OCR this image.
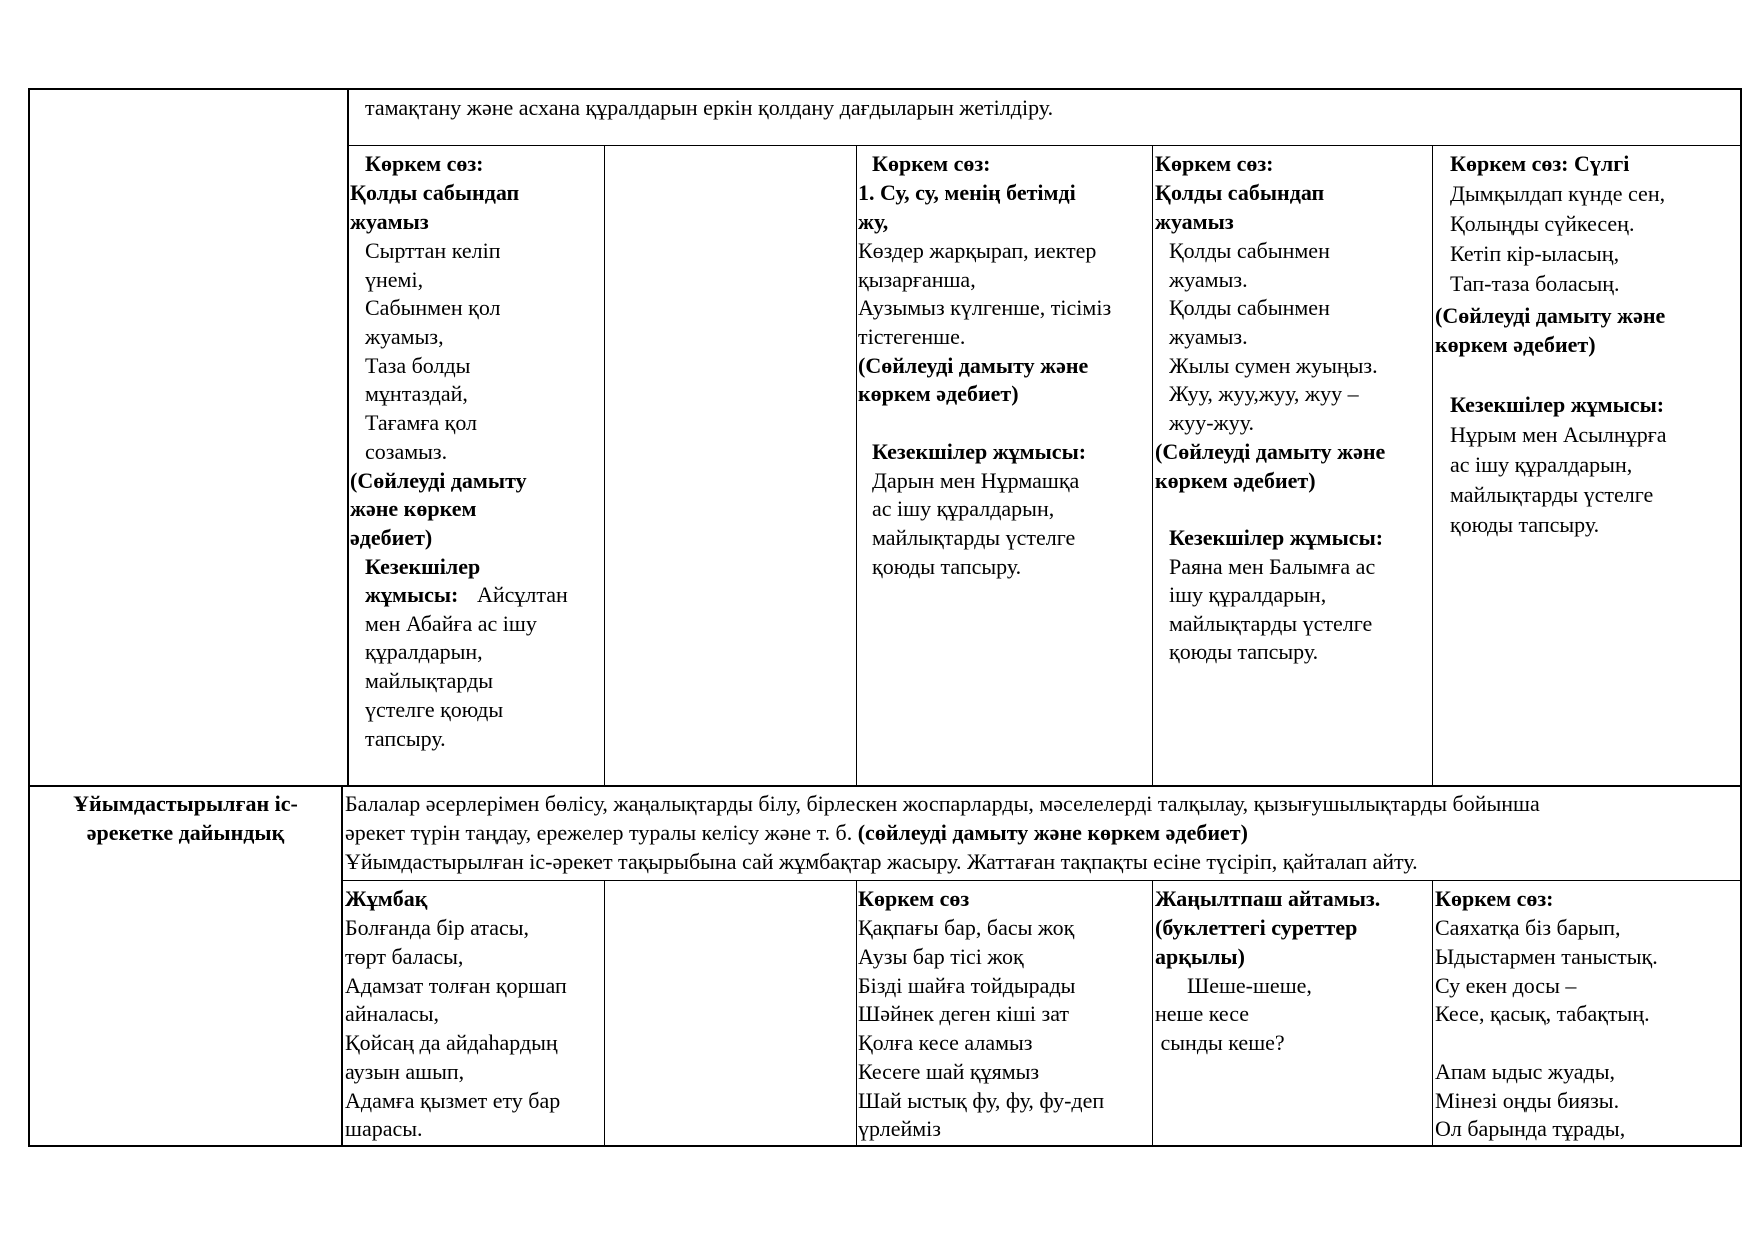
тамақтану және асхана құралдарын еркін қолдану дағдыларын жетілдіру.
Көркем сөз:
Қолды сабындап
жуамыз
Сырттан келіп
үнемі,
Сабынмен қол
жуамыз,
Таза болды
мұнтаздай,
Тағамға қол
созамыз.
(Сөйлеуді дамыту
және көркем
әдебиет)
Кезекшілер
жұмысы: Айсұлтан
мен Абайға ас ішу
құралдарын,
майлықтарды
үстелге қоюды
тапсыру.
Көркем сөз:
1. Су, су, менің бетімді
жу,
Көздер жарқырап, иектер
қызарғанша,
Аузымыз күлгенше, тісіміз
тістегенше.
(Сөйлеуді дамыту және
көркем әдебиет)
Кезекшілер жұмысы:
Дарын мен Нұрмашқа
ас ішу құралдарын,
майлықтарды үстелге
қоюды тапсыру.
Көркем сөз:
Қолды сабындап
жуамыз
Қолды сабынмен
жуамыз.
Қолды сабынмен
жуамыз.
Жылы сумен жуыңыз.
Жуу, жуу,жуу, жуу –
жуу-жуу.
(Сөйлеуді дамыту және
көркем әдебиет)
Кезекшілер жұмысы:
Раяна мен Балымға ас
ішу құралдарын,
майлықтарды үстелге
қоюды тапсыру.
Көркем сөз: Сүлгі
Дымқылдап күнде сен,
Қолыңды сүйкесең.
Кетіп кір-ыласың,
Тап-таза боласың.
(Сөйлеуді дамыту және
көркем әдебиет)
Кезекшілер жұмысы:
Нұрым мен Асылнұрға
ас ішу құралдарын,
майлықтарды үстелге
қоюды тапсыру.
Ұйымдастырылған іс-
әрекетке дайындық
Балалар әсерлерімен бөлісу, жаңалықтарды білу, бірлескен жоспарларды, мәселелерді талқылау, қызығушылықтарды бойынша
әрекет түрін таңдау, ережелер туралы келісу және т. б. (сөйлеуді дамыту және көркем әдебиет)
Ұйымдастырылған іс-әрекет тақырыбына сай жұмбақтар жасыру. Жаттаған тақпақты есіне түсіріп, қайталап айту.
Жұмбақ
Болғанда бір атасы,
төрт баласы,
Адамзат толған қоршап
айналасы,
Қойсаң да айдаһардың
аузын ашып,
Адамға қызмет ету бар
шарасы.
Көркем сөз
Қақпағы бар, басы жоқ
Аузы бар тісі жоқ
Бізді шайға тойдырады
Шәйнек деген кіші зат
Қолға кесе аламыз
Кесеге шай құямыз
Шай ыстық фу, фу, фу-деп
үрлейміз
Жаңылтпаш айтамыз.
(буклеттегі суреттер
арқылы)
Шеше-шеше,
неше кесе
сынды кеше?
Көркем сөз:
Саяхатқа біз барып,
Ыдыстармен таныстық.
Су екен досы –
Кесе, қасық, табақтың.
Апам ыдыс жуады,
Мінезі оңды биязы.
Ол барында тұрады,
